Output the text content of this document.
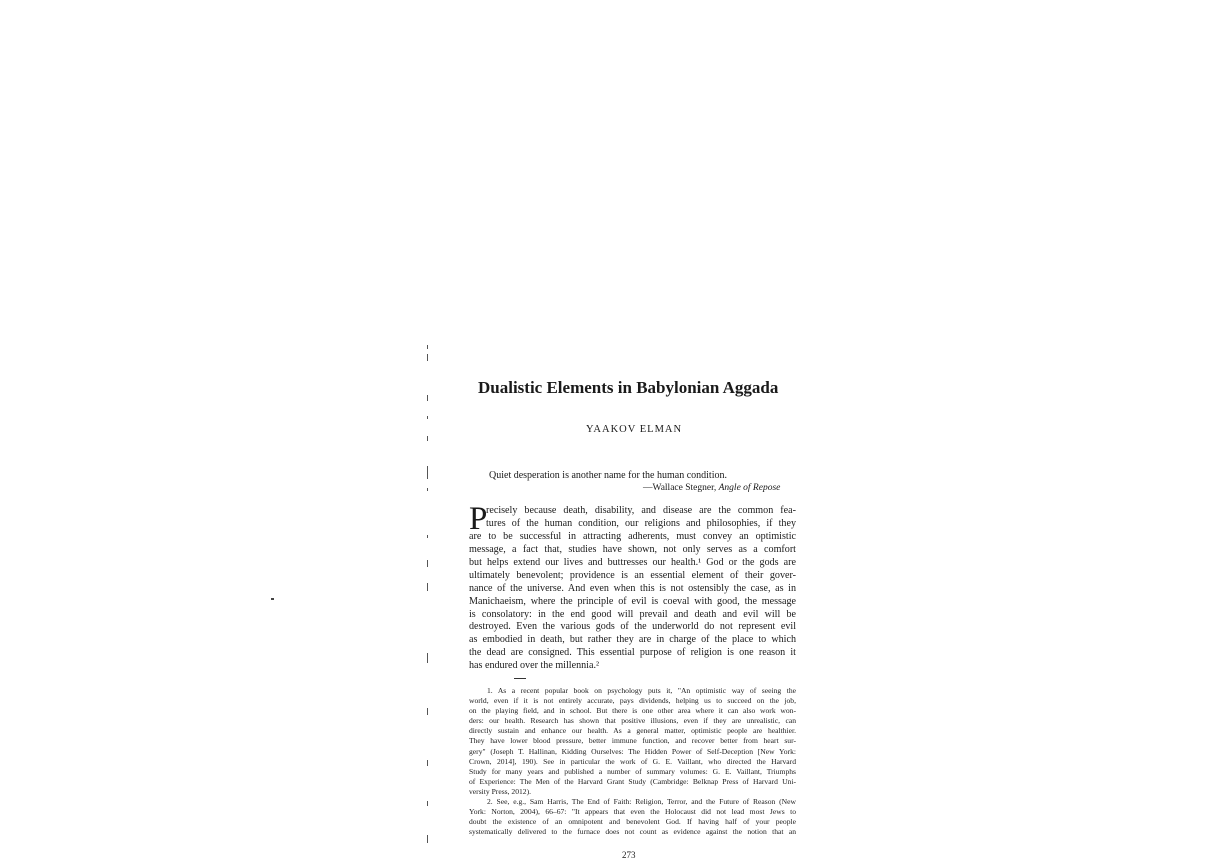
Dualistic Elements in Babylonian Aggada
YAAKOV ELMAN
Quiet desperation is another name for the human condition.
—Wallace Stegner, Angle of Repose
P
recisely because death, disability, and disease are the common fea-
tures of the human condition, our religions and philosophies, if they
are to be successful in attracting adherents, must convey an optimistic
message, a fact that, studies have shown, not only serves as a comfort
but helps extend our lives and buttresses our health.¹ God or the gods are
ultimately benevolent; providence is an essential element of their gover-
nance of the universe. And even when this is not ostensibly the case, as in
Manichaeism, where the principle of evil is coeval with good, the message
is consolatory: in the end good will prevail and death and evil will be
destroyed. Even the various gods of the underworld do not represent evil
as embodied in death, but rather they are in charge of the place to which
the dead are consigned. This essential purpose of religion is one reason it
has endured over the millennia.²
1. As a recent popular book on psychology puts it, "An optimistic way of seeing the
world, even if it is not entirely accurate, pays dividends, helping us to succeed on the job,
on the playing field, and in school. But there is one other area where it can also work won-
ders: our health. Research has shown that positive illusions, even if they are unrealistic, can
directly sustain and enhance our health. As a general matter, optimistic people are healthier.
They have lower blood pressure, better immune function, and recover better from heart sur-
gery" (Joseph T. Hallinan, Kidding Ourselves: The Hidden Power of Self-Deception [New York:
Crown, 2014], 190). See in particular the work of G. E. Vaillant, who directed the Harvard
Study for many years and published a number of summary volumes: G. E. Vaillant, Triumphs
of Experience: The Men of the Harvard Grant Study (Cambridge: Belknap Press of Harvard Uni-
versity Press, 2012).
2. See, e.g., Sam Harris, The End of Faith: Religion, Terror, and the Future of Reason (New
York: Norton, 2004), 66–67: "It appears that even the Holocaust did not lead most Jews to
doubt the existence of an omnipotent and benevolent God. If having half of your people
systematically delivered to the furnace does not count as evidence against the notion that an
273
